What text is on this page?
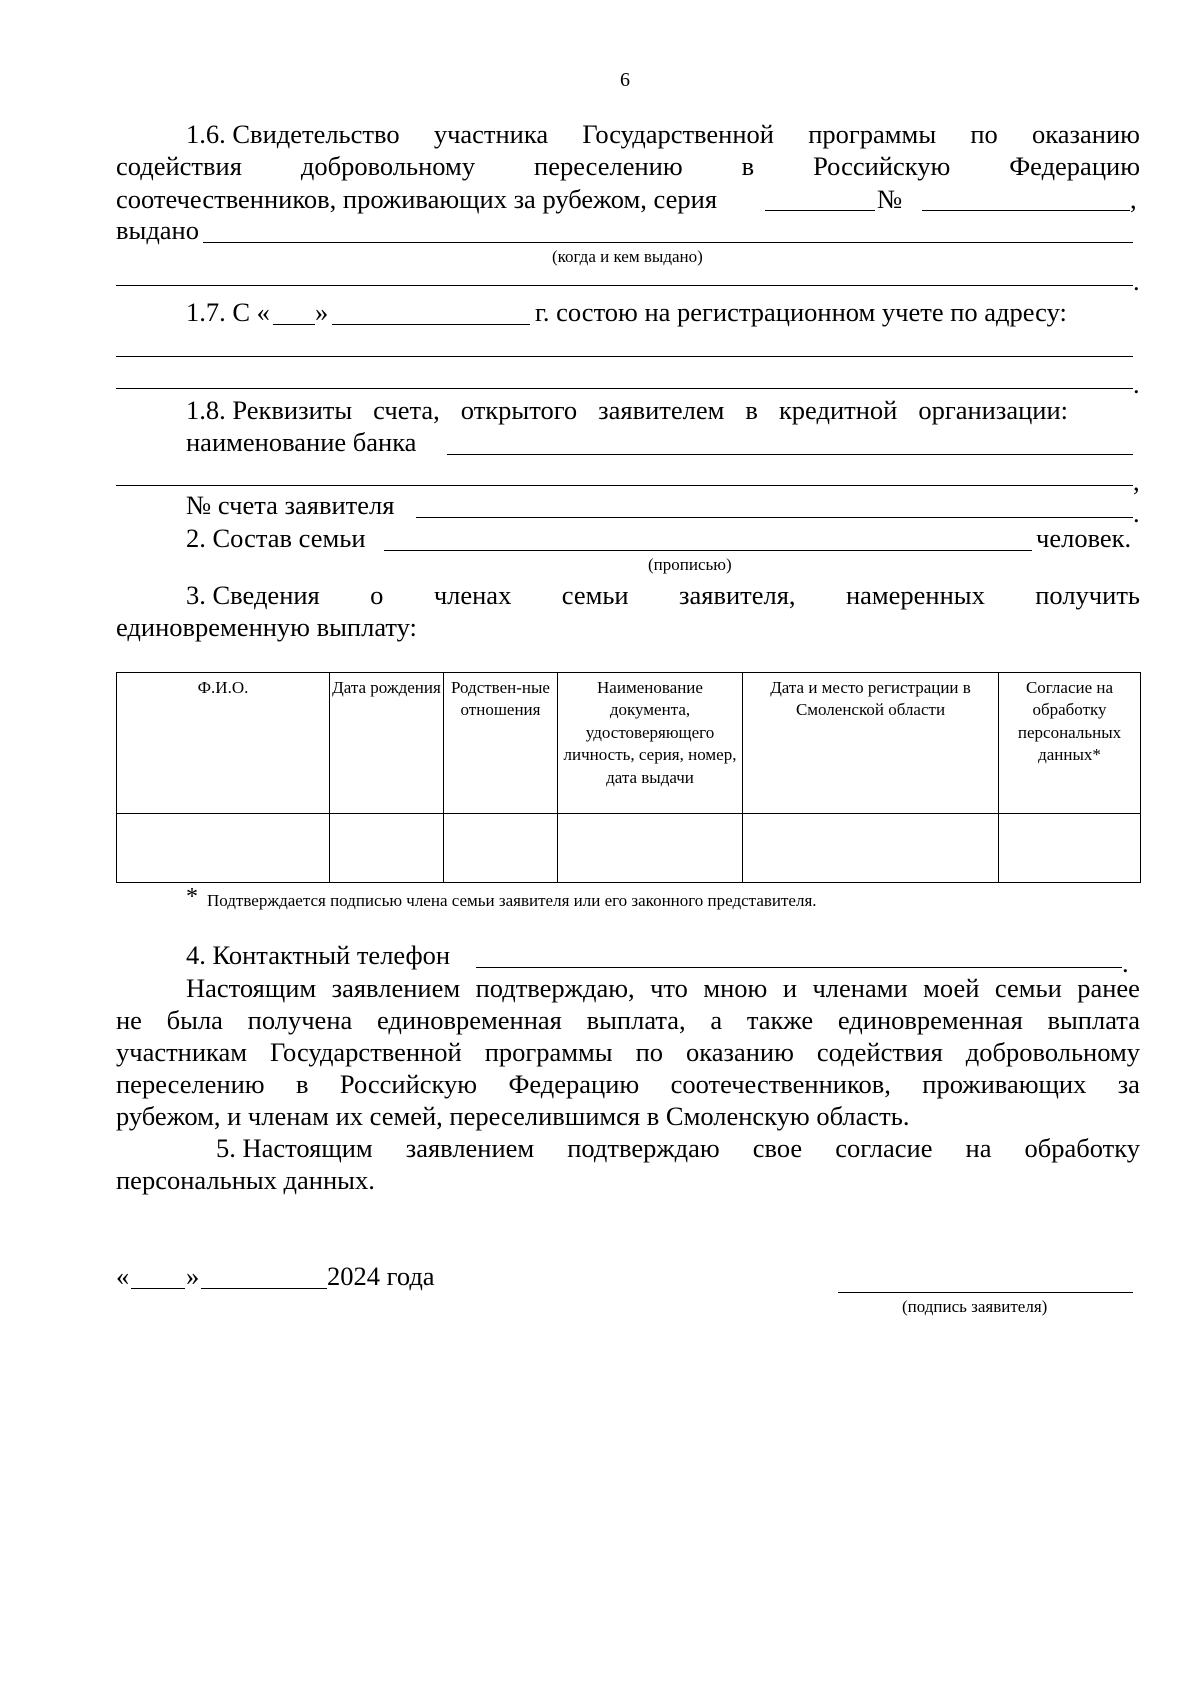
6
1.6. Свидетельство участника Государственной программы по оказанию
содействия добровольному переселению в Российскую Федерацию
соотечественников, проживающих за рубежом, серия	№	,
выдано
(когда и кем выдано)
.
1.7. С « »	г. состою на регистрационном учете по адресу:
.
1.8. Реквизиты счета, открытого заявителем в кредитной организации:
наименование банка
,
№ счета заявителя	.
2. Состав семьи	человек.
(прописью)
3. Сведения о членах семьи заявителя, намеренных получить
единовременную выплату:
Ф.И.О.	Дата рождения	Родствен-ные отношения	Наименование документа, удостоверяющего личность, серия, номер, дата выдачи	Дата и место регистрации в Смоленской области	Согласие на обработку персональных данных*

* Подтверждается подписью члена семьи заявителя или его законного представителя.
4. Контактный телефон	.
Настоящим заявлением подтверждаю, что мною и членами моей семьи ранее
не была получена единовременная выплата, а также единовременная выплата
участникам Государственной программы по оказанию содействия добровольному
переселению в Российскую Федерацию соотечественников, проживающих за
рубежом, и членам их семей, переселившимся в Смоленскую область.
5. Настоящим заявлением подтверждаю свое согласие на обработку
персональных данных.
« »	2024 года
(подпись заявителя)
